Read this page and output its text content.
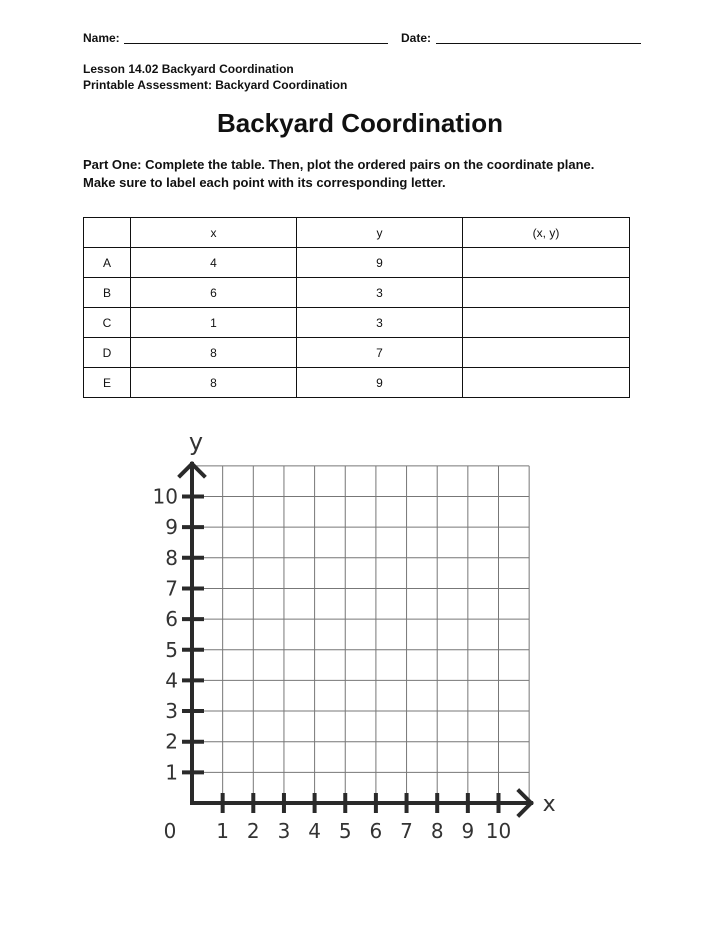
Name:	Date:
Lesson 14.02 Backyard Coordination
Printable Assessment: Backyard Coordination
Backyard Coordination
Part One: Complete the table. Then, plot the ordered pairs on the coordinate plane.
Make sure to label each point with its corresponding letter.
	x	y	(x, y)
A	4	9	
B	6	3	
C	1	3	
D	8	7	
E	8	9	
1 2 3 4 5 6 7 8 9 10
1
2
3
4
5
6
7
8
9
10
0
x
y
